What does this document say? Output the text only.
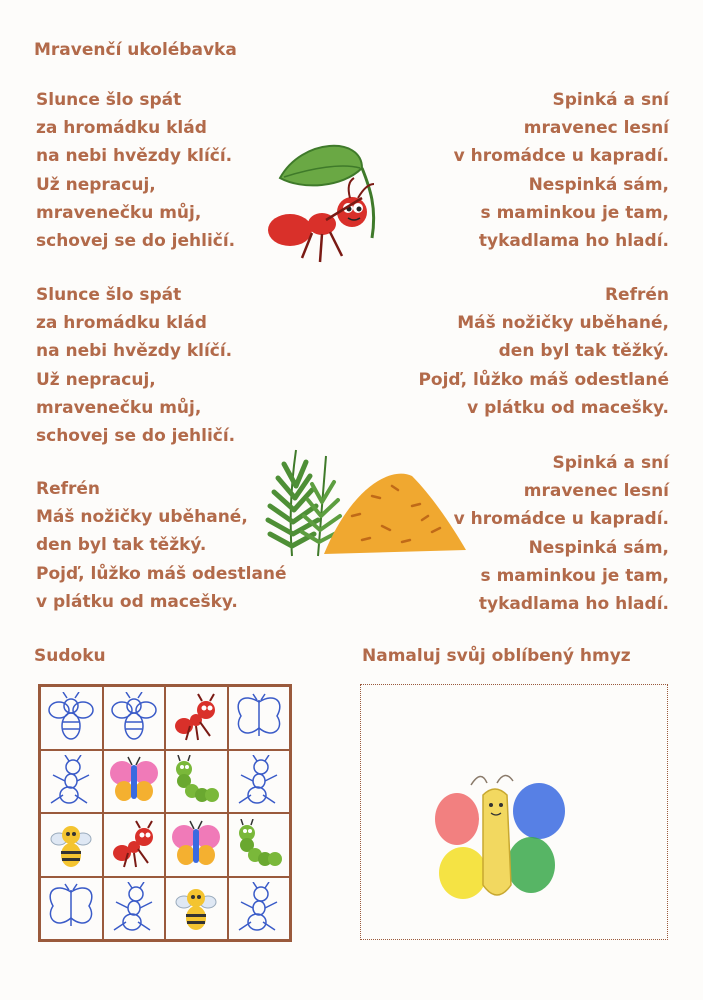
Mravenčí ukolébavka
Slunce šlo spát
za hromádku klád
na nebi hvězdy klíčí.
Už nepracuj,
mravenečku můj,
schovej se do jehličí.
Spinká a sní
mravenec lesní
v hromádce u kapradí.
Nespinká sám,
s maminkou je tam,
tykadlama ho hladí.
Slunce šlo spát
za hromádku klád
na nebi hvězdy klíčí.
Už nepracuj,
mravenečku můj,
schovej se do jehličí.
Refrén
Máš nožičky uběhané,
den byl tak těžký.
Pojď, lůžko máš odestlané
v plátku od macešky.
Refrén
Máš nožičky uběhané,
den byl tak těžký.
Pojď, lůžko máš odestlané
v plátku od macešky.
Spinká a sní
mravenec lesní
v hromádce u kapradí.
Nespinká sám,
s maminkou je tam,
tykadlama ho hladí.
Sudoku	Namaluj svůj oblíbený hmyz
